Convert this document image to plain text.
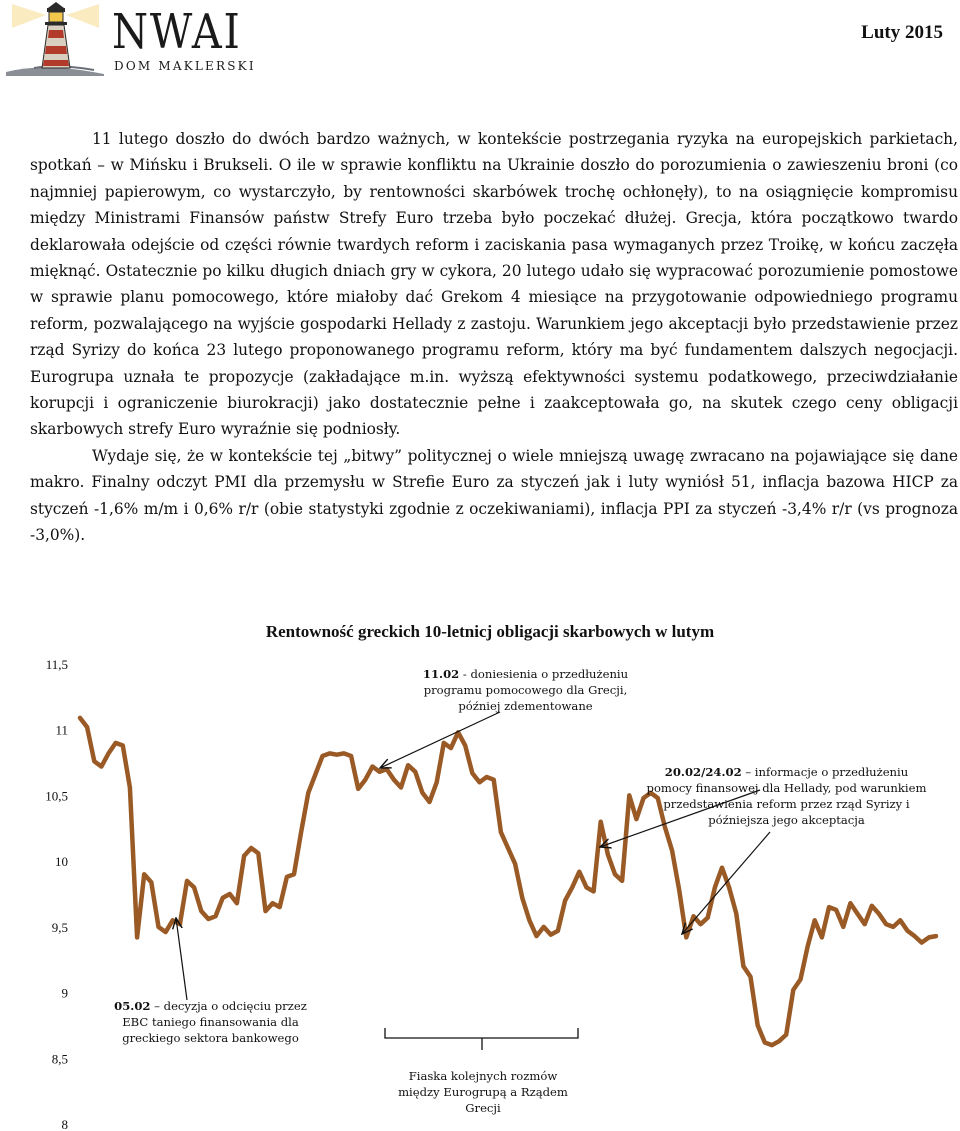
NWAI
DOM MAKLERSKI
Luty 2015

11 lutego doszło do dwóch bardzo ważnych, w kontekście postrzegania ryzyka na europejskich parkietach, spotkań – w Mińsku i Brukseli. O ile w sprawie konfliktu na Ukrainie doszło do porozumienia o zawieszeniu broni (co najmniej papierowym, co wystarczyło, by rentowności skarbówek trochę ochłonęły), to na osiągnięcie kompromisu między Ministrami Finansów państw Strefy Euro trzeba było poczekać dłużej. Grecja, która początkowo twardo deklarowała odejście od części równie twardych reform i zaciskania pasa wymaganych przez Troikę, w końcu zaczęła mięknąć. Ostatecznie po kilku długich dniach gry w cykora, 20 lutego udało się wypracować porozumienie pomostowe w sprawie planu pomocowego, które miałoby dać Grekom 4 miesiące na przygotowanie odpowiedniego programu reform, pozwalającego na wyjście gospodarki Hellady z zastoju. Warunkiem jego akceptacji było przedstawienie przez rząd Syrizy do końca 23 lutego proponowanego programu reform, który ma być fundamentem dalszych negocjacji. Eurogrupa uznała te propozycje (zakładające m.in. wyższą efektywności systemu podatkowego, przeciwdziałanie korupcji i ograniczenie biurokracji) jako dostatecznie pełne i zaakceptowała go, na skutek czego ceny obligacji skarbowych strefy Euro wyraźnie się podniosły.

Wydaje się, że w kontekście tej „bitwy” politycznej o wiele mniejszą uwagę zwracano na pojawiające się dane makro. Finalny odczyt PMI dla przemysłu w Strefie Euro za styczeń jak i luty wyniósł 51, inflacja bazowa HICP za styczeń -1,6% m/m i 0,6% r/r (obie statystyki zgodnie z oczekiwaniami), inflacja PPI za styczeń -3,4% r/r (vs prognoza -3,0%).

Rentowność greckich 10-letnicj obligacji skarbowych w lutym
11,5
11
10,5
10
9,5
9
8,5
8
11.02 - doniesienia o przedłużeniu programu pomocowego dla Grecji, później zdementowane
20.02/24.02 – informacje o przedłużeniu pomocy finansowej dla Hellady, pod warunkiem przedstawienia reform przez rząd Syrizy i późniejsza jego akceptacja
05.02 – decyzja o odcięciu przez EBC taniego finansowania dla greckiego sektora bankowego
Fiaska kolejnych rozmów między Eurogrupą a Rządem Grecji
